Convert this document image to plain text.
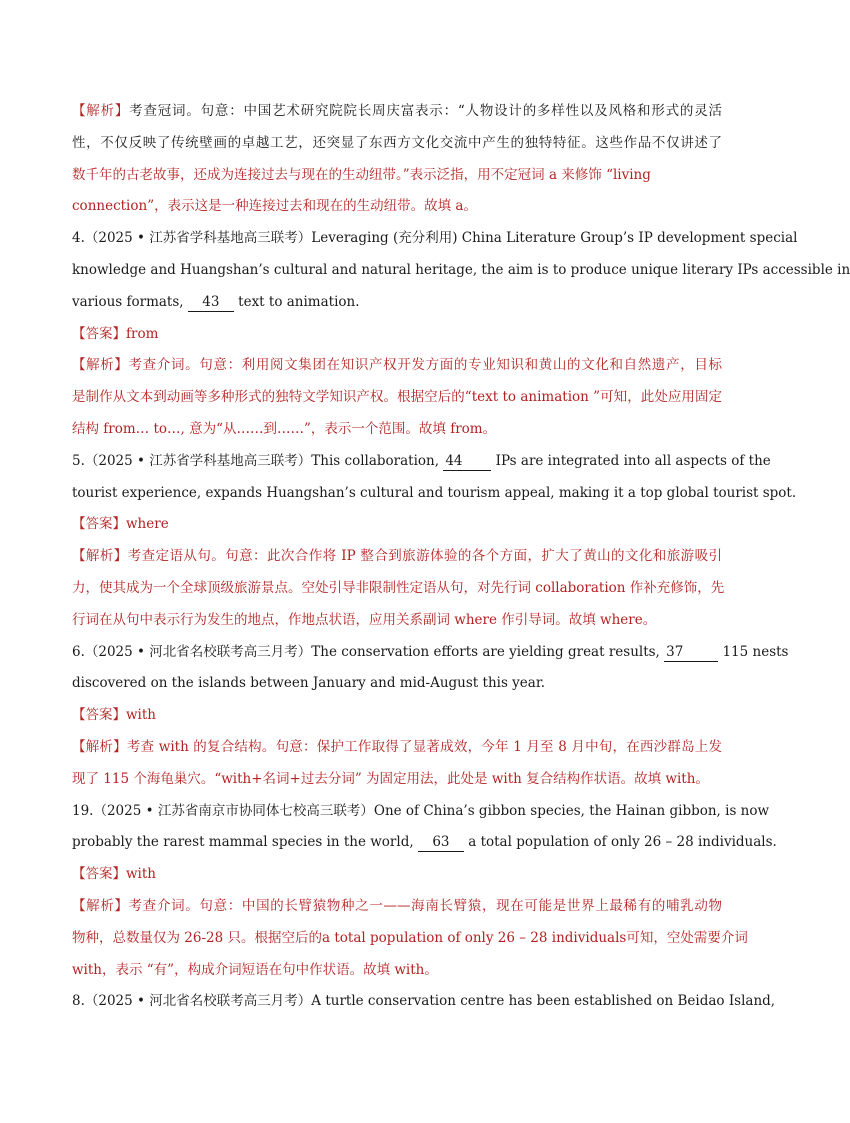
【解析】考查冠词。句意：中国艺术研究院院长周庆富表示：“人物设计的多样性以及风格和形式的灵活
性，不仅反映了传统壁画的卓越工艺，还突显了东西方文化交流中产生的独特特征。这些作品不仅讲述了
数千年的古老故事，还成为连接过去与现在的生动纽带。”表示泛指，用不定冠词 a 来修饰 “living
connection”，表示这是一种连接过去和现在的生动纽带。故填 a。
4.（2025 • 江苏省学科基地高三联考）Leveraging (充分利用) China Literature Group’s IP development special
knowledge and Huangshan’s cultural and natural heritage, the aim is to produce unique literary IPs accessible in
various formats, 43 text to animation.
【答案】from
【解析】考查介词。句意：利用阅文集团在知识产权开发方面的专业知识和黄山的文化和自然遗产，目标
是制作从文本到动画等多种形式的独特文学知识产权。根据空后的“text to animation ”可知，此处应用固定
结构 from… to…, 意为“从……到……”，表示一个范围。故填 from。
5.（2025 • 江苏省学科基地高三联考）This collaboration, 44 IPs are integrated into all aspects of the
tourist experience, expands Huangshan’s cultural and tourism appeal, making it a top global tourist spot.
【答案】where
【解析】考查定语从句。句意：此次合作将 IP 整合到旅游体验的各个方面，扩大了黄山的文化和旅游吸引
力，使其成为一个全球顶级旅游景点。空处引导非限制性定语从句，对先行词 collaboration 作补充修饰，先
行词在从句中表示行为发生的地点，作地点状语，应用关系副词 where 作引导词。故填 where。
6.（2025 • 河北省名校联考高三月考）The conservation efforts are yielding great results, 37	115 nests
discovered on the islands between January and mid-August this year.
【答案】with
【解析】考查 with 的复合结构。句意：保护工作取得了显著成效，今年 1 月至 8 月中旬，在西沙群岛上发
现了 115 个海龟巢穴。“with+名词+过去分词” 为固定用法，此处是 with 复合结构作状语。故填 with。
19.（2025 • 江苏省南京市协同体七校高三联考）One of China’s gibbon species, the Hainan gibbon, is now
probably the rarest mammal species in the world, 63 a total population of only 26 – 28 individuals.
【答案】with
【解析】考查介词。句意：中国的长臂猿物种之一——海南长臂猿，现在可能是世界上最稀有的哺乳动物
物种，总数量仅为 26-28 只。根据空后的a total population of only 26 – 28 individuals可知，空处需要介词
with，表示 “有”，构成介词短语在句中作状语。故填 with。
8.（2025 • 河北省名校联考高三月考）A turtle conservation centre has been established on Beidao Island,
